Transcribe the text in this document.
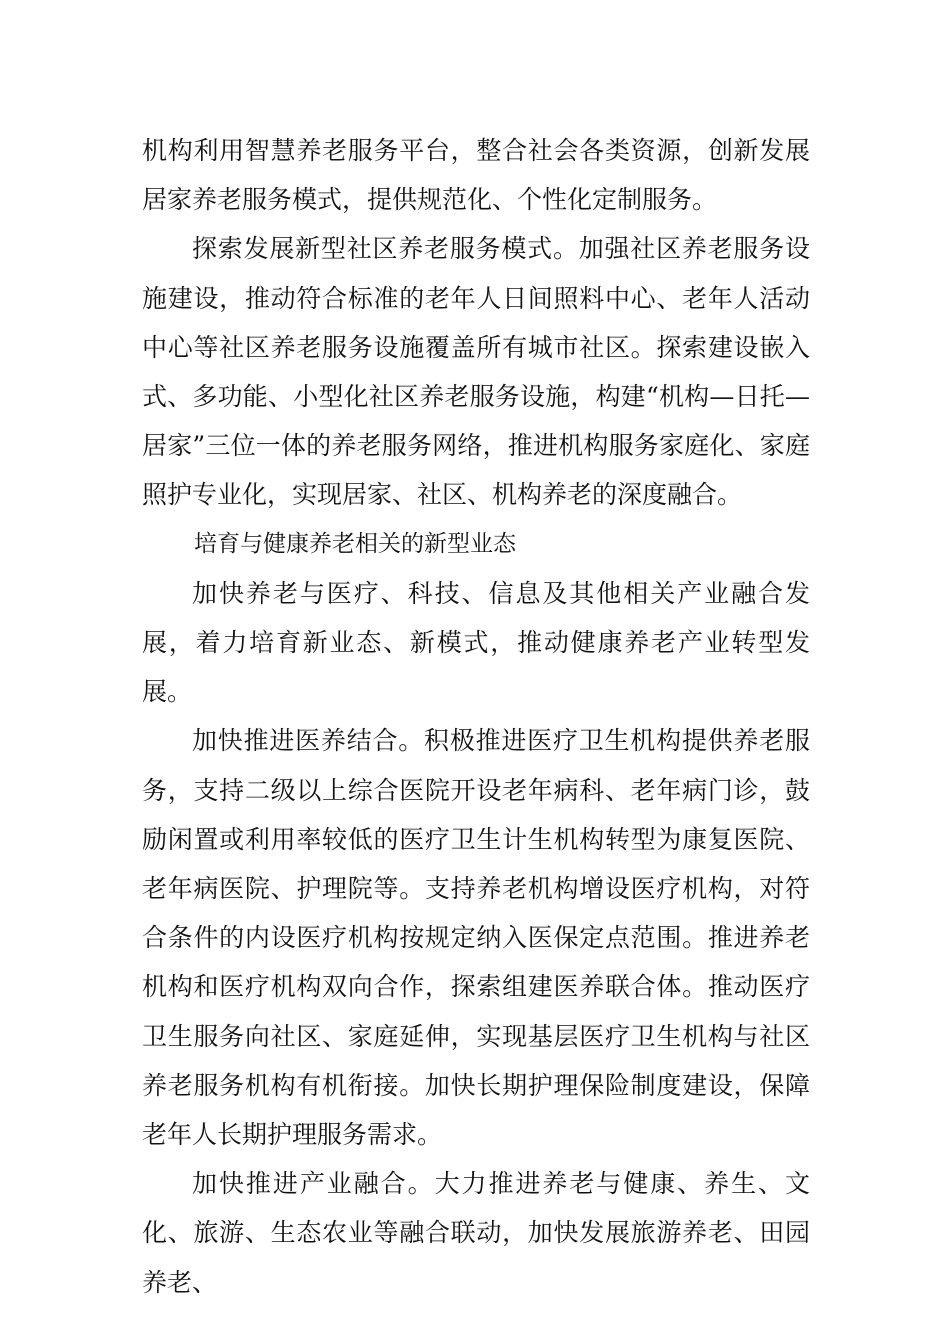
机构利用智慧养老服务平台，整合社会各类资源，创新发展居家养老服务模式，提供规范化、个性化定制服务。

探索发展新型社区养老服务模式。加强社区养老服务设施建设，推动符合标准的老年人日间照料中心、老年人活动中心等社区养老服务设施覆盖所有城市社区。探索建设嵌入式、多功能、小型化社区养老服务设施，构建“机构—日托—居家”三位一体的养老服务网络，推进机构服务家庭化、家庭照护专业化，实现居家、社区、机构养老的深度融合。

培育与健康养老相关的新型业态

加快养老与医疗、科技、信息及其他相关产业融合发展，着力培育新业态、新模式，推动健康养老产业转型发展。

加快推进医养结合。积极推进医疗卫生机构提供养老服务，支持二级以上综合医院开设老年病科、老年病门诊，鼓励闲置或利用率较低的医疗卫生计生机构转型为康复医院、老年病医院、护理院等。支持养老机构增设医疗机构，对符合条件的内设医疗机构按规定纳入医保定点范围。推进养老机构和医疗机构双向合作，探索组建医养联合体。推动医疗卫生服务向社区、家庭延伸，实现基层医疗卫生机构与社区养老服务机构有机衔接。加快长期护理保险制度建设，保障老年人长期护理服务需求。

加快推进产业融合。大力推进养老与健康、养生、文化、旅游、生态农业等融合联动，加快发展旅游养老、田园养老、
